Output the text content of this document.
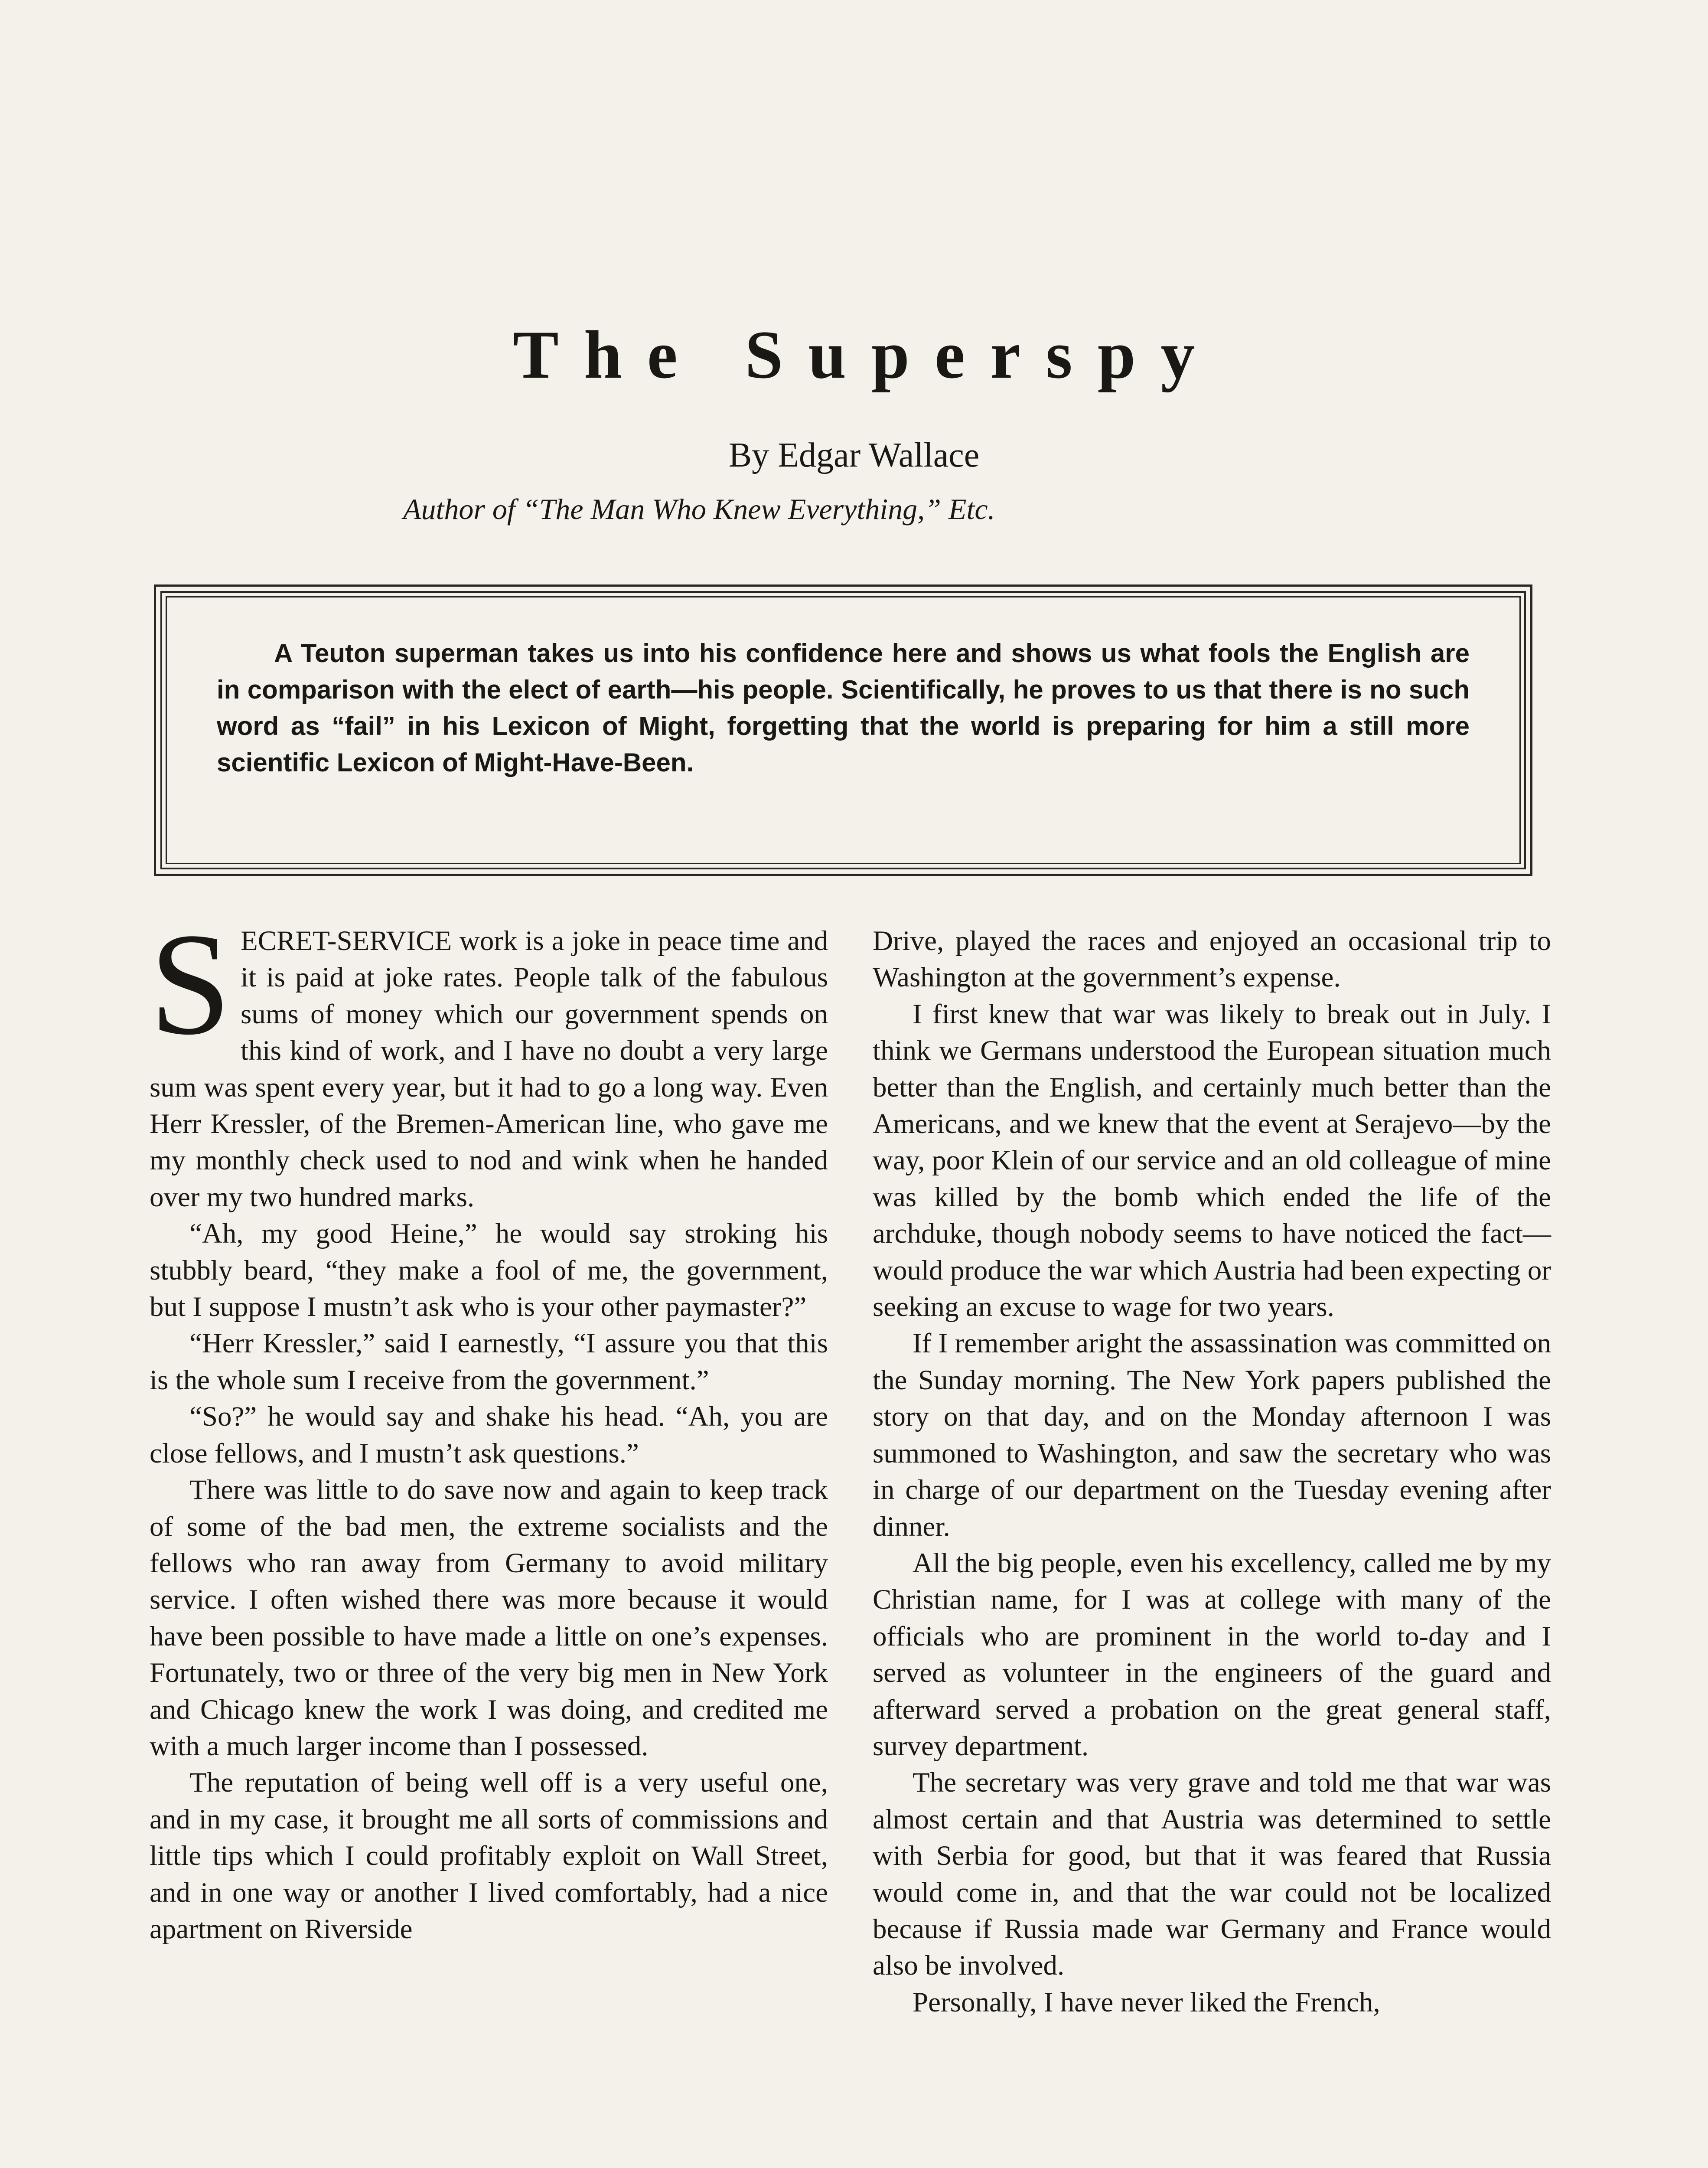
The Superspy
By Edgar Wallace
Author of “The Man Who Knew Everything,” Etc.

A Teuton superman takes us into his confidence here and shows us what fools the English are in comparison with the elect of earth—his people. Scientifically, he proves to us that there is no such word as “fail” in his Lexicon of Might, forgetting that the world is preparing for him a still more scientific Lexicon of Might-Have-Been.

SECRET-SERVICE work is a joke in peace time and it is paid at joke rates. People talk of the fabulous sums of money which our government spends on this kind of work, and I have no doubt a very large sum was spent every year, but it had to go a long way. Even Herr Kressler, of the Bremen-American line, who gave me my monthly check used to nod and wink when he handed over my two hundred marks.

“Ah, my good Heine,” he would say stroking his stubbly beard, “they make a fool of me, the government, but I suppose I mustn’t ask who is your other paymaster?”

“Herr Kressler,” said I earnestly, “I assure you that this is the whole sum I receive from the government.”

“So?” he would say and shake his head. “Ah, you are close fellows, and I mustn’t ask questions.”

There was little to do save now and again to keep track of some of the bad men, the extreme socialists and the fellows who ran away from Germany to avoid military service. I often wished there was more because it would have been possible to have made a little on one’s expenses. Fortunately, two or three of the very big men in New York and Chicago knew the work I was doing, and credited me with a much larger income than I possessed.

The reputation of being well off is a very useful one, and in my case, it brought me all sorts of commissions and little tips which I could profitably exploit on Wall Street, and in one way or another I lived comfortably, had a nice apartment on Riverside

Drive, played the races and enjoyed an occasional trip to Washington at the government’s expense.

I first knew that war was likely to break out in July. I think we Germans understood the European situation much better than the English, and certainly much better than the Americans, and we knew that the event at Serajevo—by the way, poor Klein of our service and an old colleague of mine was killed by the bomb which ended the life of the archduke, though nobody seems to have noticed the fact—would produce the war which Austria had been expecting or seeking an excuse to wage for two years.

If I remember aright the assassination was committed on the Sunday morning. The New York papers published the story on that day, and on the Monday afternoon I was summoned to Washington, and saw the secretary who was in charge of our department on the Tuesday evening after dinner.

All the big people, even his excellency, called me by my Christian name, for I was at college with many of the officials who are prominent in the world to-day and I served as volunteer in the engineers of the guard and afterward served a probation on the great general staff, survey department.

The secretary was very grave and told me that war was almost certain and that Austria was determined to settle with Serbia for good, but that it was feared that Russia would come in, and that the war could not be localized because if Russia made war Germany and France would also be involved.

Personally, I have never liked the French,
